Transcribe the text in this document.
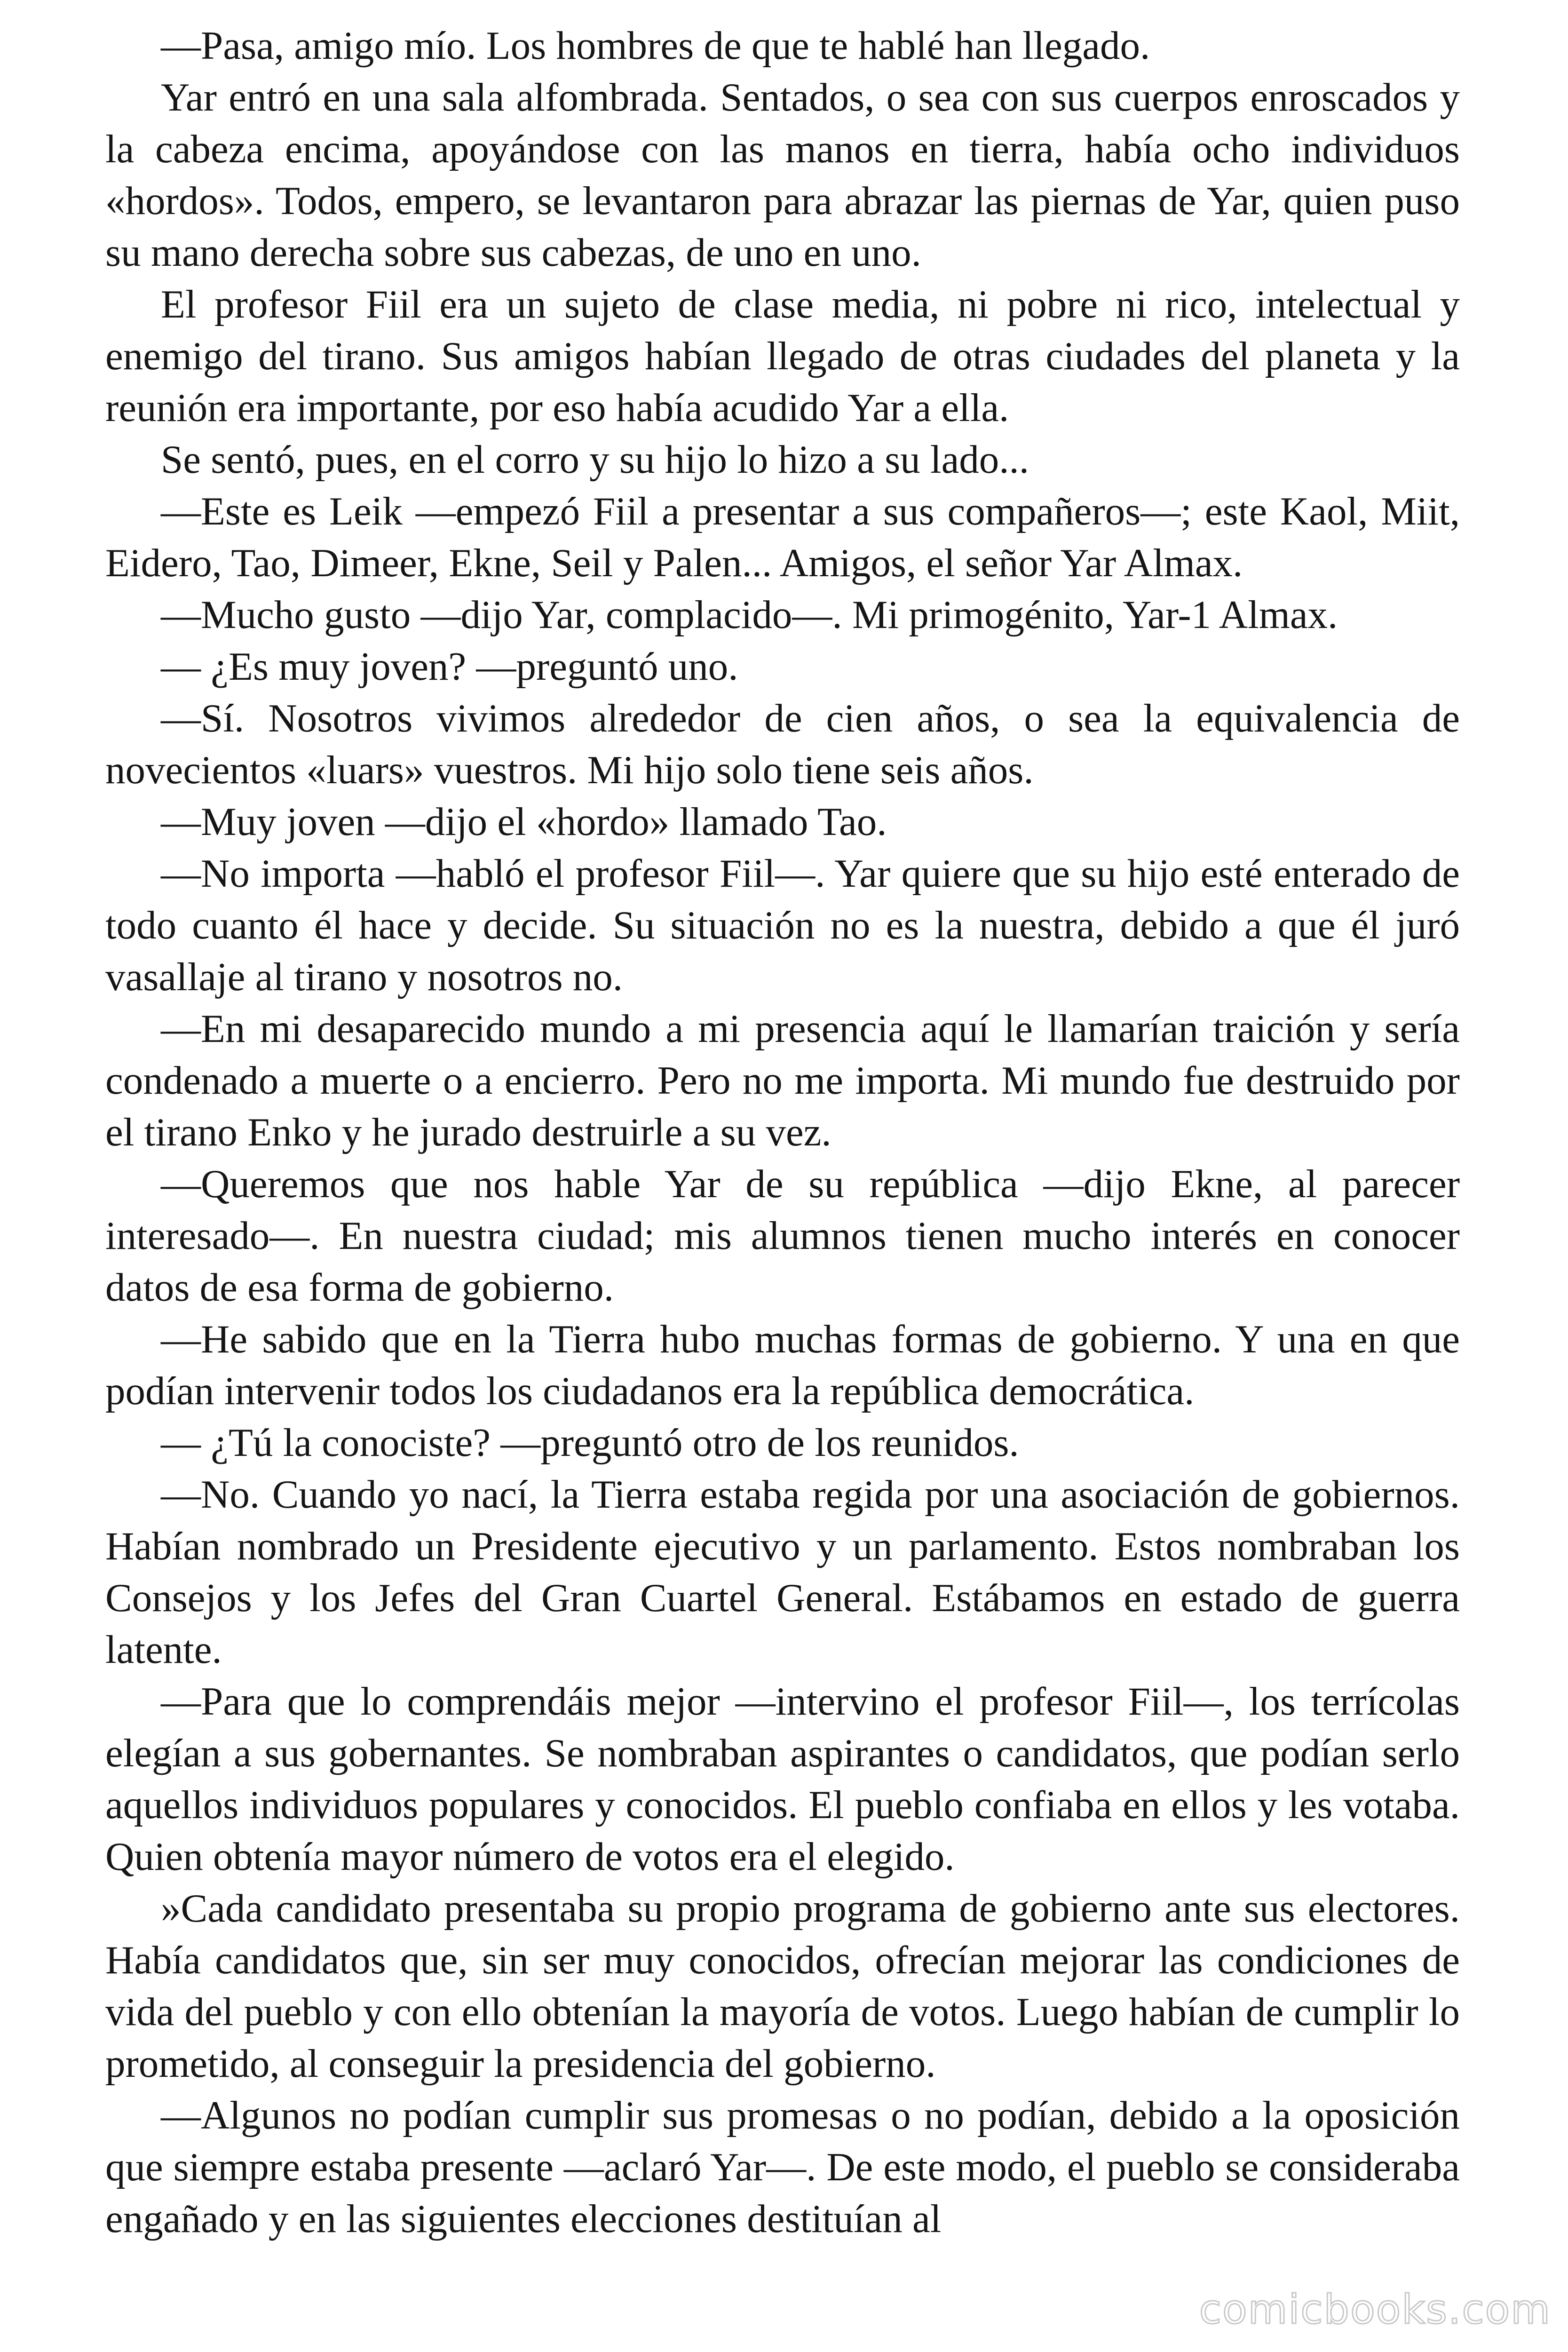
—Pasa, amigo mío. Los hombres de que te hablé han llegado.

Yar entró en una sala alfombrada. Sentados, o sea con sus cuerpos enroscados y la cabeza encima, apoyándose con las manos en tierra, había ocho individuos «hordos». Todos, empero, se levantaron para abrazar las piernas de Yar, quien puso su mano derecha sobre sus cabezas, de uno en uno.

El profesor Fiil era un sujeto de clase media, ni pobre ni rico, intelectual y enemigo del tirano. Sus amigos habían llegado de otras ciudades del planeta y la reunión era importante, por eso había acudido Yar a ella.

Se sentó, pues, en el corro y su hijo lo hizo a su lado...

—Este es Leik —empezó Fiil a presentar a sus compañeros—; este Kaol, Miit, Eidero, Tao, Dimeer, Ekne, Seil y Palen... Amigos, el señor Yar Almax.

—Mucho gusto —dijo Yar, complacido—. Mi primogénito, Yar-1 Almax.

— ¿Es muy joven? —preguntó uno.

—Sí. Nosotros vivimos alrededor de cien años, o sea la equivalencia de novecientos «luars» vuestros. Mi hijo solo tiene seis años.

—Muy joven —dijo el «hordo» llamado Tao.

—No importa —habló el profesor Fiil—. Yar quiere que su hijo esté enterado de todo cuanto él hace y decide. Su situación no es la nuestra, debido a que él juró vasallaje al tirano y nosotros no.

—En mi desaparecido mundo a mi presencia aquí le llamarían traición y sería condenado a muerte o a encierro. Pero no me importa. Mi mundo fue destruido por el tirano Enko y he jurado destruirle a su vez.

—Queremos que nos hable Yar de su república —dijo Ekne, al parecer interesado—. En nuestra ciudad; mis alumnos tienen mucho interés en conocer datos de esa forma de gobierno.

—He sabido que en la Tierra hubo muchas formas de gobierno. Y una en que podían intervenir todos los ciudadanos era la república democrática.

— ¿Tú la conociste? —preguntó otro de los reunidos.

—No. Cuando yo nací, la Tierra estaba regida por una asociación de gobiernos. Habían nombrado un Presidente ejecutivo y un parlamento. Estos nombraban los Consejos y los Jefes del Gran Cuartel General. Estábamos en estado de guerra latente.

—Para que lo comprendáis mejor —intervino el profesor Fiil—, los terrícolas elegían a sus gobernantes. Se nombraban aspirantes o candidatos, que podían serlo aquellos individuos populares y conocidos. El pueblo confiaba en ellos y les votaba. Quien obtenía mayor número de votos era el elegido.

»Cada candidato presentaba su propio programa de gobierno ante sus electores. Había candidatos que, sin ser muy conocidos, ofrecían mejorar las condiciones de vida del pueblo y con ello obtenían la mayoría de votos. Luego habían de cumplir lo prometido, al conseguir la presidencia del gobierno.

—Algunos no podían cumplir sus promesas o no podían, debido a la oposición que siempre estaba presente —aclaró Yar—. De este modo, el pueblo se consideraba engañado y en las siguientes elecciones destituían al

comicbooks.com
